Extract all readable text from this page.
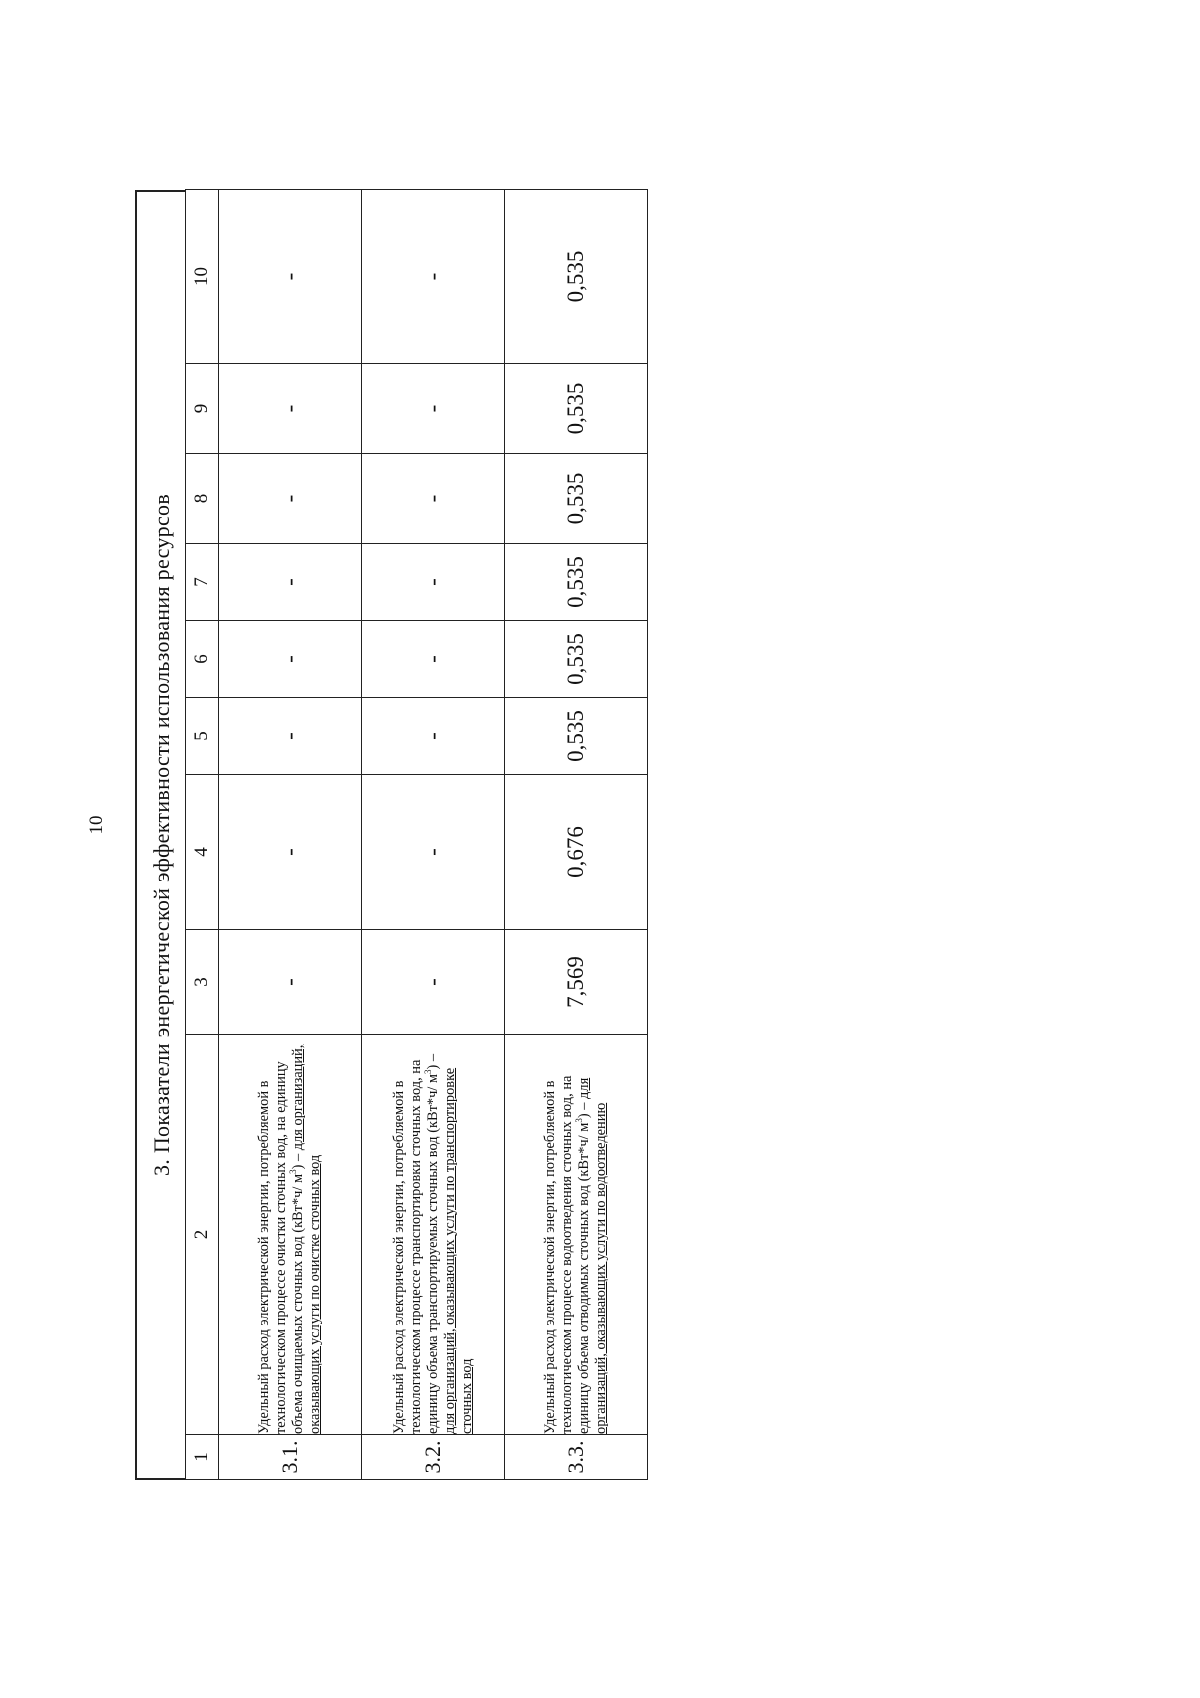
10	3. Показатели энергетической эффективности использования ресурсов
1	2	3	4	5	6	7	8	9	10
3.1.	Удельный расход электрической энергии, потребляемой в технологическом процессе очистки сточных вод, на единицу объема очищаемых сточных вод (кВт*ч/ $м^3$) – для организаций, оказывающих услуги по очистке сточных вод	-	-	-	-	-	-	-	-
3.2.	Удельный расход электрической энергии, потребляемой в технологическом процессе транспортировки сточных вод, на единицу объема транспортируемых сточных вод (кВт*ч/ $м^3$) – для организаций, оказывающих услуги по транспортировке сточных вод	-	-	-	-	-	-	-	-
3.3.	Удельный расход электрической энергии, потребляемой в технологическом процессе водоотведения сточных вод, на единицу объема отводимых сточных вод (кВт*ч/ $м^3$) – для организаций, оказывающих услуги по водоотведению	7,569	0,676	0,535	0,535	0,535	0,535	0,535	0,535
